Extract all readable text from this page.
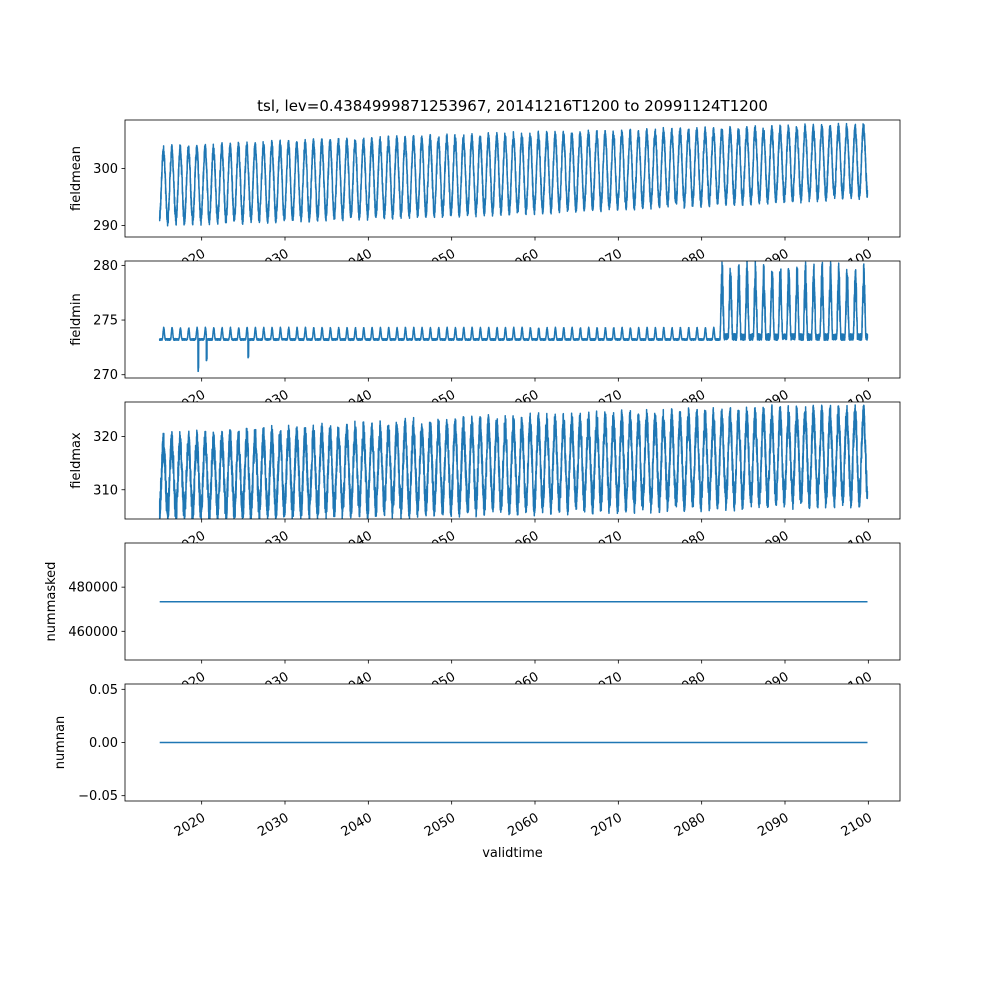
tsl, lev=0.4384999871253967, 20141216T1200 to 20991124T1200
290
300
fieldmean
270
275
280
fieldmin
310
320
fieldmax
460000
480000
nummasked
−0.05
0.00
0.05
2020	2030	2040	2050	2060	2070	2080	2090	2100
numnan
validtime
